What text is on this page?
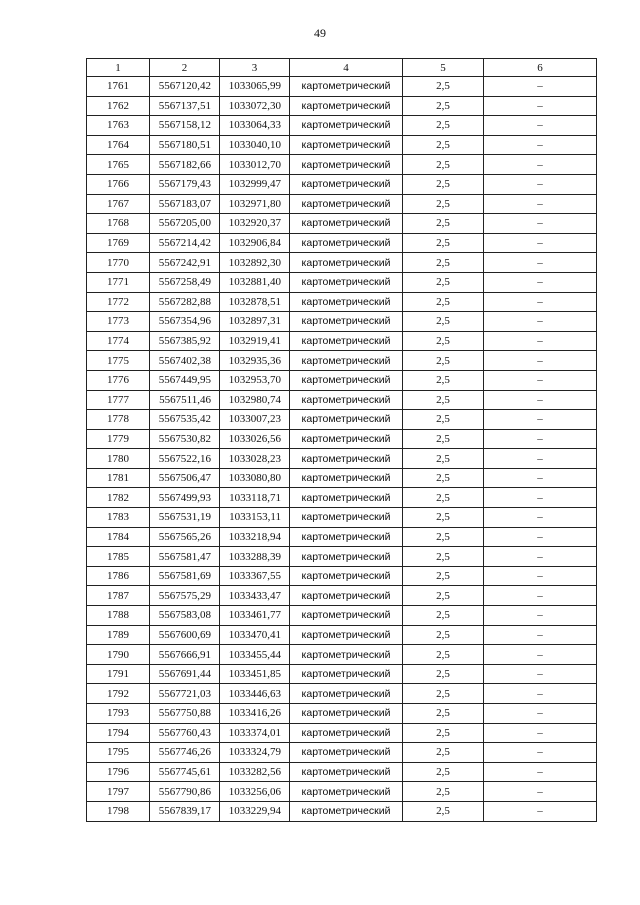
49
1	2	3	4	5	6
1761	5567120,42	1033065,99	картометрический	2,5	–
1762	5567137,51	1033072,30	картометрический	2,5	–
1763	5567158,12	1033064,33	картометрический	2,5	–
1764	5567180,51	1033040,10	картометрический	2,5	–
1765	5567182,66	1033012,70	картометрический	2,5	–
1766	5567179,43	1032999,47	картометрический	2,5	–
1767	5567183,07	1032971,80	картометрический	2,5	–
1768	5567205,00	1032920,37	картометрический	2,5	–
1769	5567214,42	1032906,84	картометрический	2,5	–
1770	5567242,91	1032892,30	картометрический	2,5	–
1771	5567258,49	1032881,40	картометрический	2,5	–
1772	5567282,88	1032878,51	картометрический	2,5	–
1773	5567354,96	1032897,31	картометрический	2,5	–
1774	5567385,92	1032919,41	картометрический	2,5	–
1775	5567402,38	1032935,36	картометрический	2,5	–
1776	5567449,95	1032953,70	картометрический	2,5	–
1777	5567511,46	1032980,74	картометрический	2,5	–
1778	5567535,42	1033007,23	картометрический	2,5	–
1779	5567530,82	1033026,56	картометрический	2,5	–
1780	5567522,16	1033028,23	картометрический	2,5	–
1781	5567506,47	1033080,80	картометрический	2,5	–
1782	5567499,93	1033118,71	картометрический	2,5	–
1783	5567531,19	1033153,11	картометрический	2,5	–
1784	5567565,26	1033218,94	картометрический	2,5	–
1785	5567581,47	1033288,39	картометрический	2,5	–
1786	5567581,69	1033367,55	картометрический	2,5	–
1787	5567575,29	1033433,47	картометрический	2,5	–
1788	5567583,08	1033461,77	картометрический	2,5	–
1789	5567600,69	1033470,41	картометрический	2,5	–
1790	5567666,91	1033455,44	картометрический	2,5	–
1791	5567691,44	1033451,85	картометрический	2,5	–
1792	5567721,03	1033446,63	картометрический	2,5	–
1793	5567750,88	1033416,26	картометрический	2,5	–
1794	5567760,43	1033374,01	картометрический	2,5	–
1795	5567746,26	1033324,79	картометрический	2,5	–
1796	5567745,61	1033282,56	картометрический	2,5	–
1797	5567790,86	1033256,06	картометрический	2,5	–
1798	5567839,17	1033229,94	картометрический	2,5	–
